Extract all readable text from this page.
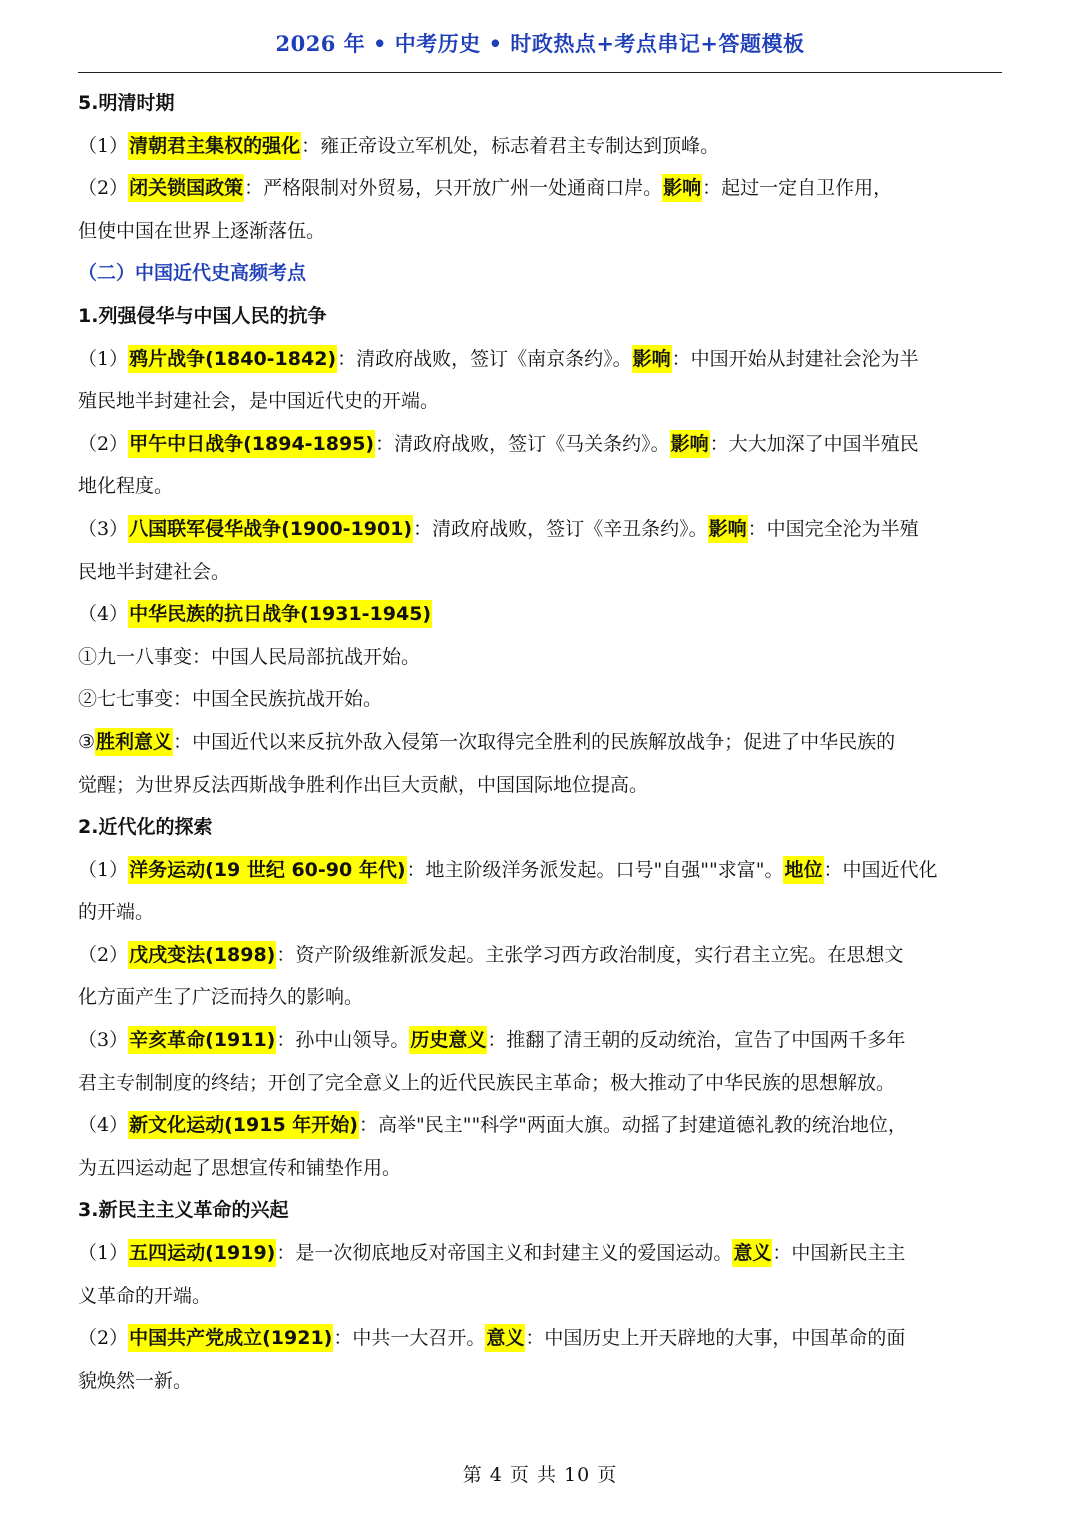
2026 年 • 中考历史 • 时政热点+考点串记+答题模板
5.明清时期
（1）清朝君主集权的强化：雍正帝设立军机处，标志着君主专制达到顶峰。
（2）闭关锁国政策：严格限制对外贸易，只开放广州一处通商口岸。影响：起过一定自卫作用，
但使中国在世界上逐渐落伍。
（二）中国近代史高频考点
1.列强侵华与中国人民的抗争
（1）鸦片战争(1840-1842)：清政府战败，签订《南京条约》。影响：中国开始从封建社会沦为半
殖民地半封建社会，是中国近代史的开端。
（2）甲午中日战争(1894-1895)：清政府战败，签订《马关条约》。影响：大大加深了中国半殖民
地化程度。
（3）八国联军侵华战争(1900-1901)：清政府战败，签订《辛丑条约》。影响：中国完全沦为半殖
民地半封建社会。
（4）中华民族的抗日战争(1931-1945)
①九一八事变：中国人民局部抗战开始。
②七七事变：中国全民族抗战开始。
③胜利意义：中国近代以来反抗外敌入侵第一次取得完全胜利的民族解放战争；促进了中华民族的
觉醒；为世界反法西斯战争胜利作出巨大贡献，中国国际地位提高。
2.近代化的探索
（1）洋务运动(19 世纪 60-90 年代)：地主阶级洋务派发起。口号"自强""求富"。地位：中国近代化
的开端。
（2）戊戌变法(1898)：资产阶级维新派发起。主张学习西方政治制度，实行君主立宪。在思想文
化方面产生了广泛而持久的影响。
（3）辛亥革命(1911)：孙中山领导。历史意义：推翻了清王朝的反动统治，宣告了中国两千多年
君主专制制度的终结；开创了完全意义上的近代民族民主革命；极大推动了中华民族的思想解放。
（4）新文化运动(1915 年开始)：高举"民主""科学"两面大旗。动摇了封建道德礼教的统治地位，
为五四运动起了思想宣传和铺垫作用。
3.新民主主义革命的兴起
（1）五四运动(1919)：是一次彻底地反对帝国主义和封建主义的爱国运动。意义：中国新民主主
义革命的开端。
（2）中国共产党成立(1921)：中共一大召开。意义：中国历史上开天辟地的大事，中国革命的面
貌焕然一新。
第 4 页 共 10 页
